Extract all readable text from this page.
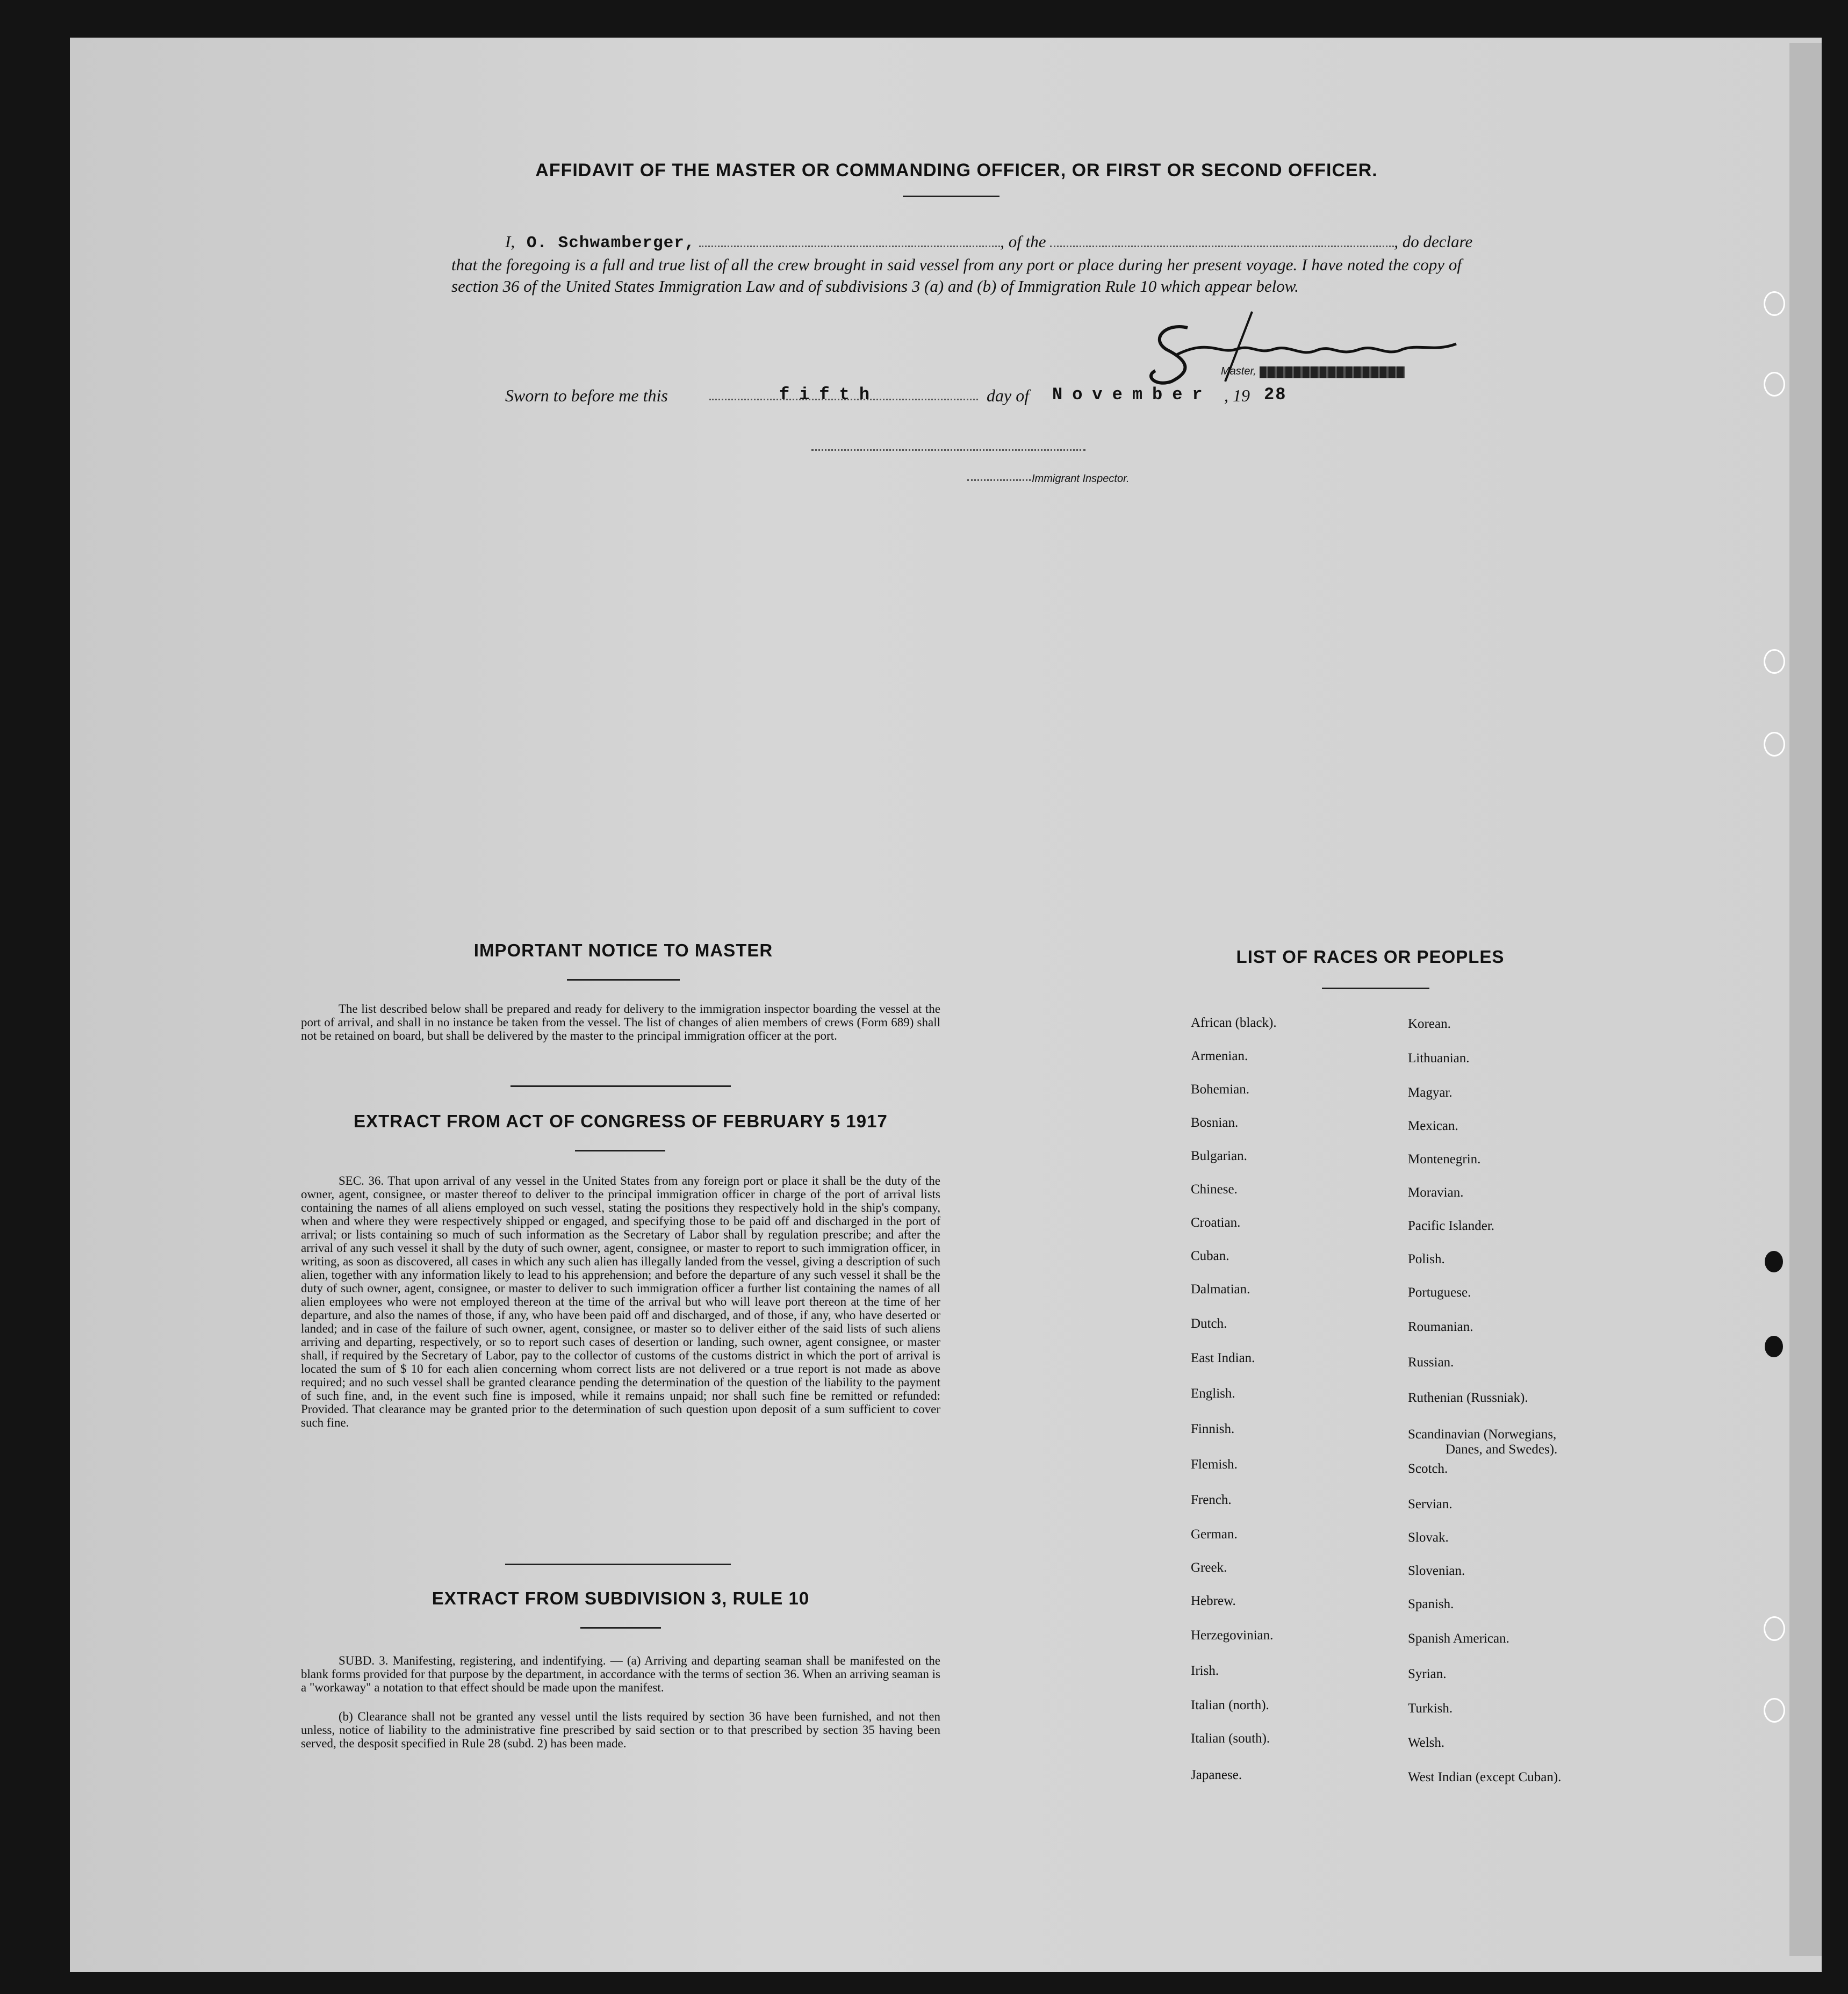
AFFIDAVIT OF THE MASTER OR COMMANDING OFFICER, OR FIRST OR SECOND OFFICER.
I, O. Schwamberger,	, of the	, do declare
that the foregoing is a full and true list of all the crew brought in said vessel from any port or place during her present voyage. I have noted the copy of section 36 of the United States Immigration Law and of subdivisions 3 (a) and (b) of Immigration Rule 10 which appear below.
Master,
Sworn to before me this	fifth	day of November , 19 28
Immigrant Inspector.
IMPORTANT NOTICE TO MASTER
The list described below shall be prepared and ready for delivery to the immigration inspector boarding the vessel at the port of arrival, and shall in no instance be taken from the vessel. The list of changes of alien members of crews (Form 689) shall not be retained on board, but shall be delivered by the master to the principal immigration officer at the port.
EXTRACT FROM ACT OF CONGRESS OF FEBRUARY 5 1917
SEC. 36. That upon arrival of any vessel in the United States from any foreign port or place it shall be the duty of the owner, agent, consignee, or master thereof to deliver to the principal immigration officer in charge of the port of arrival lists containing the names of all aliens employed on such vessel, stating the positions they respectively hold in the ship's company, when and where they were respectively shipped or engaged, and specifying those to be paid off and discharged in the port of arrival; or lists containing so much of such information as the Secretary of Labor shall by regulation prescribe; and after the arrival of any such vessel it shall by the duty of such owner, agent, consignee, or master to report to such immigration officer, in writing, as soon as discovered, all cases in which any such alien has illegally landed from the vessel, giving a description of such alien, together with any information likely to lead to his apprehension; and before the departure of any such vessel it shall be the duty of such owner, agent, consignee, or master to deliver to such immigration officer a further list containing the names of all alien employees who were not employed thereon at the time of the arrival but who will leave port thereon at the time of her departure, and also the names of those, if any, who have been paid off and discharged, and of those, if any, who have deserted or landed; and in case of the failure of such owner, agent, consignee, or master so to deliver either of the said lists of such aliens arriving and departing, respectively, or so to report such cases of desertion or landing, such owner, agent consignee, or master shall, if required by the Secretary of Labor, pay to the collector of customs of the customs district in which the port of arrival is located the sum of $ 10 for each alien concerning whom correct lists are not delivered or a true report is not made as above required; and no such vessel shall be granted clearance pending the determination of the question of the liability to the payment of such fine, and, in the event such fine is imposed, while it remains unpaid; nor shall such fine be remitted or refunded: Provided. That clearance may be granted prior to the determination of such question upon deposit of a sum sufficient to cover such fine.
EXTRACT FROM SUBDIVISION 3, RULE 10
SUBD. 3. Manifesting, registering, and indentifying. — (a) Arriving and departing seaman shall be manifested on the blank forms provided for that purpose by the department, in accordance with the terms of section 36. When an arriving seaman is a "workaway" a notation to that effect should be made upon the manifest.
(b) Clearance shall not be granted any vessel until the lists required by section 36 have been furnished, and not then unless, notice of liability to the administrative fine prescribed by said section or to that prescribed by section 35 having been served, the desposit specified in Rule 28 (subd. 2) has been made.
LIST OF RACES OR PEOPLES
African (black).
Armenian.
Bohemian.
Bosnian.
Bulgarian.
Chinese.
Croatian.
Cuban.
Dalmatian.
Dutch.
East Indian.
English.
Finnish.
Flemish.
French.
German.
Greek.
Hebrew.
Herzegovinian.
Irish.
Italian (north).
Italian (south).
Japanese.
Korean.
Lithuanian.
Magyar.
Mexican.
Montenegrin.
Moravian.
Pacific Islander.
Polish.
Portuguese.
Roumanian.
Russian.
Ruthenian (Russniak).
Scandinavian (Norwegians,
Danes, and Swedes).
Scotch.
Servian.
Slovak.
Slovenian.
Spanish.
Spanish American.
Syrian.
Turkish.
Welsh.
West Indian (except Cuban).
